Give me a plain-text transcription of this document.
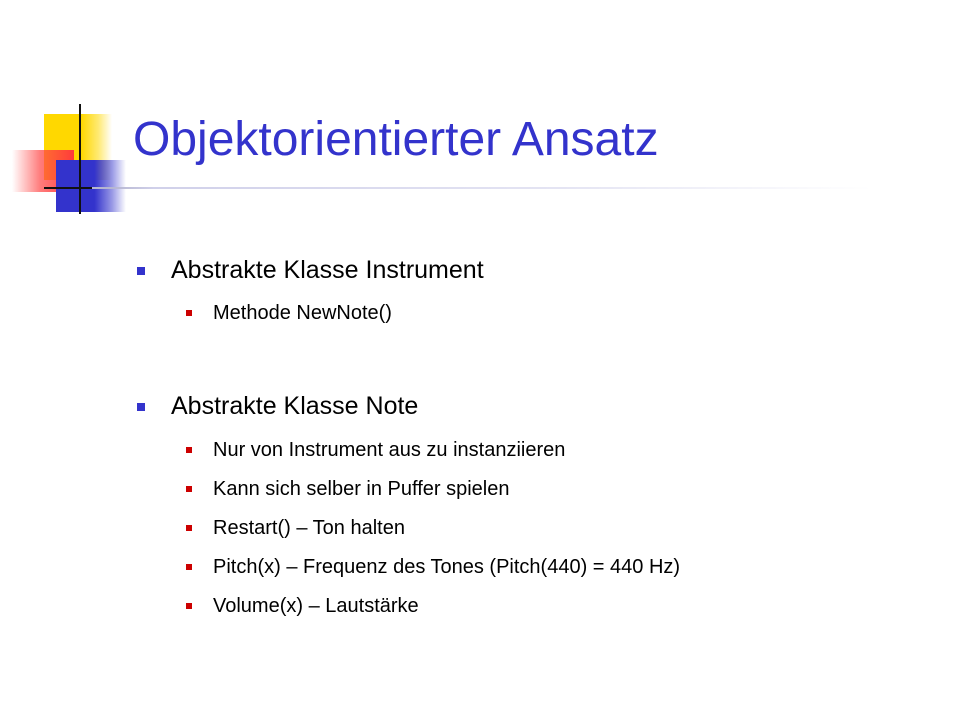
Objektorientierter Ansatz
Abstrakte Klasse Instrument
Methode NewNote()
Abstrakte Klasse Note
Nur von Instrument aus zu instanziieren
Kann sich selber in Puffer spielen
Restart() – Ton halten
Pitch(x) – Frequenz des Tones (Pitch(440) = 440 Hz)
Volume(x) – Lautstärke
